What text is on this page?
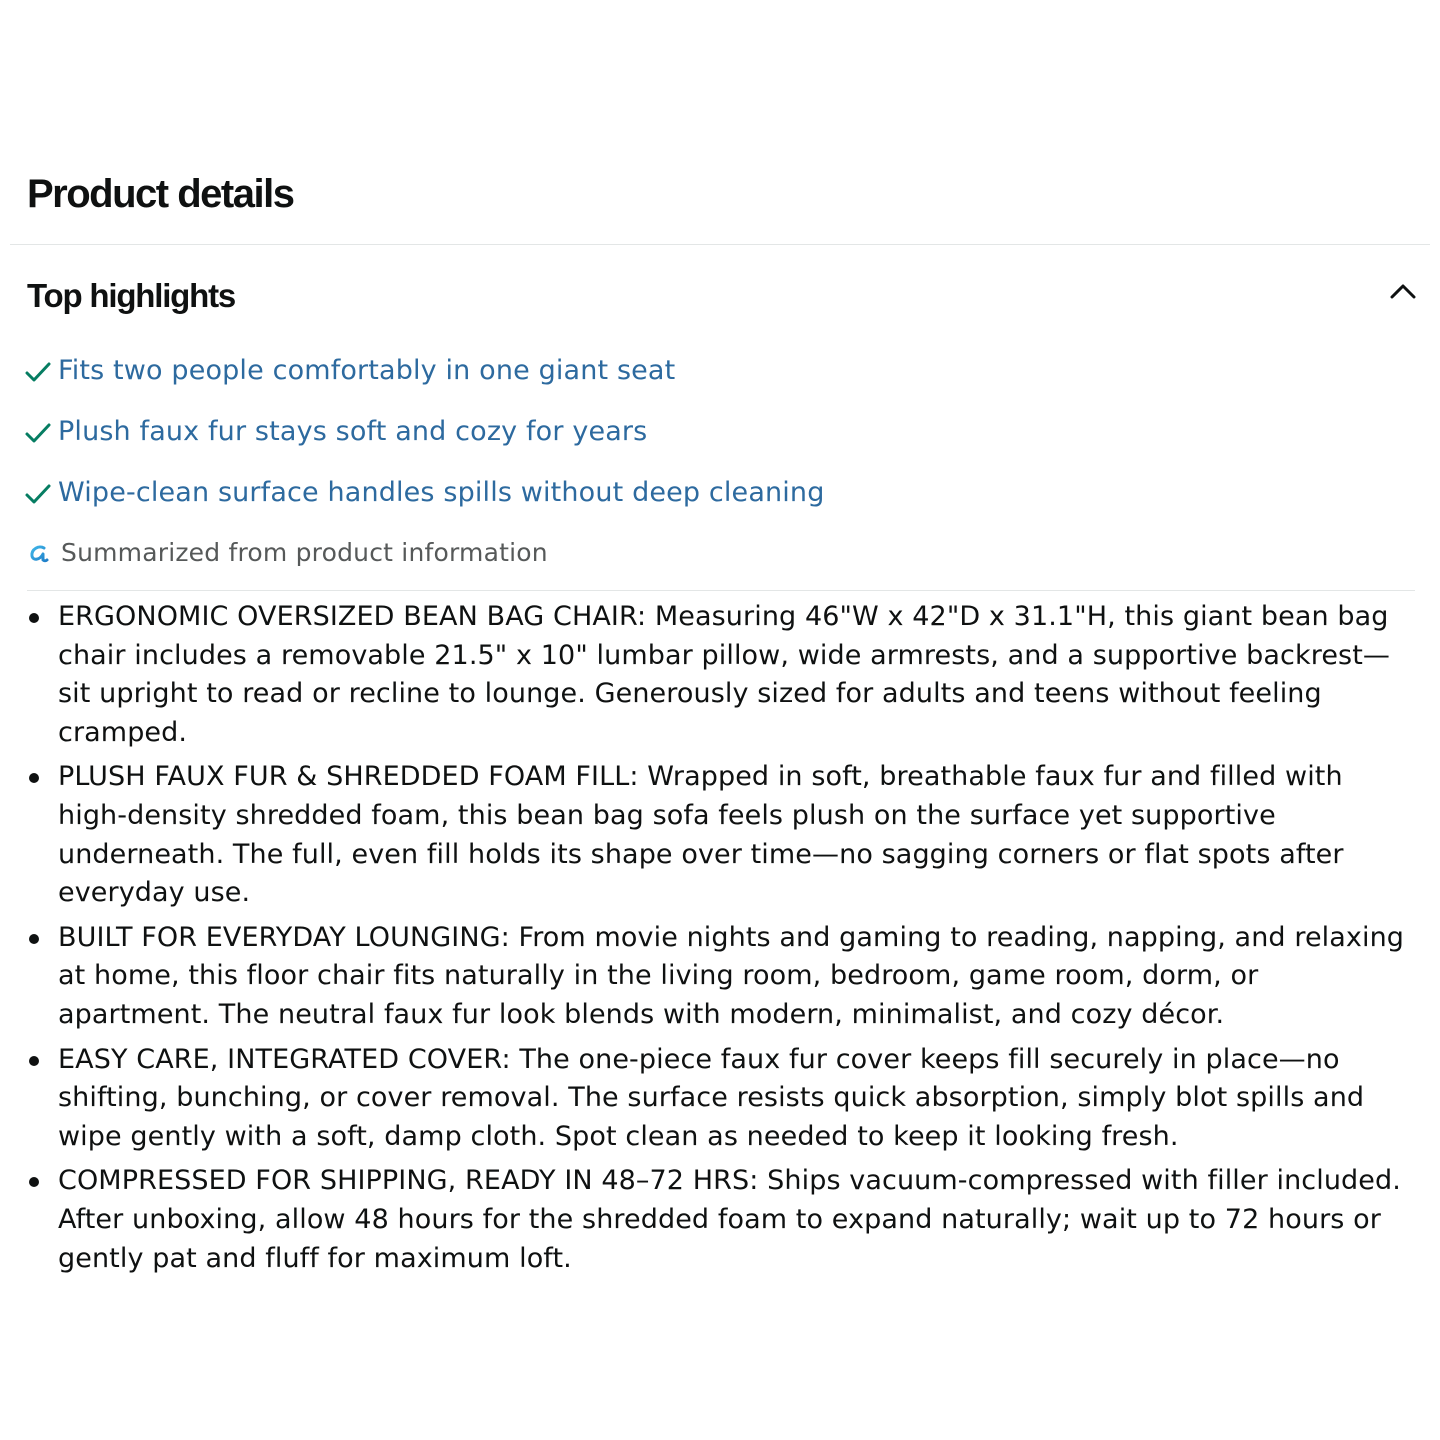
Product details
Top highlights
Fits two people comfortably in one giant seat
Plush faux fur stays soft and cozy for years
Wipe-clean surface handles spills without deep cleaning
Summarized from product information
ERGONOMIC OVERSIZED BEAN BAG CHAIR: Measuring 46"W x 42"D x 31.1"H, this giant bean bag chair includes a removable 21.5" x 10" lumbar pillow, wide armrests, and a supportive backrest—sit upright to read or recline to lounge. Generously sized for adults and teens without feeling cramped.
PLUSH FAUX FUR & SHREDDED FOAM FILL: Wrapped in soft, breathable faux fur and filled with high-density shredded foam, this bean bag sofa feels plush on the surface yet supportive underneath. The full, even fill holds its shape over time—no sagging corners or flat spots after everyday use.
BUILT FOR EVERYDAY LOUNGING: From movie nights and gaming to reading, napping, and relaxing at home, this floor chair fits naturally in the living room, bedroom, game room, dorm, or apartment. The neutral faux fur look blends with modern, minimalist, and cozy décor.
EASY CARE, INTEGRATED COVER: The one-piece faux fur cover keeps fill securely in place—no shifting, bunching, or cover removal. The surface resists quick absorption, simply blot spills and wipe gently with a soft, damp cloth. Spot clean as needed to keep it looking fresh.
COMPRESSED FOR SHIPPING, READY IN 48–72 HRS: Ships vacuum-compressed with filler included. After unboxing, allow 48 hours for the shredded foam to expand naturally; wait up to 72 hours or gently pat and fluff for maximum loft.
